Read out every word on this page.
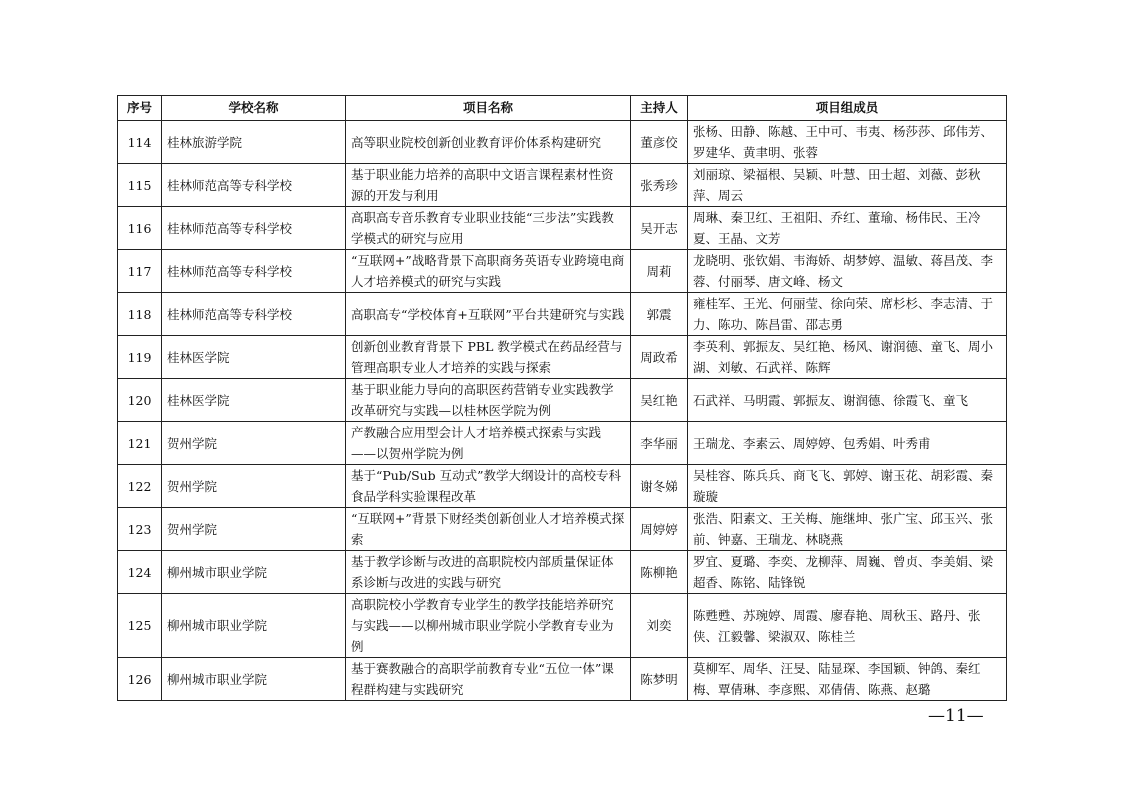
序号	学校名称	项目名称	主持人	项目组成员
114	桂林旅游学院	高等职业院校创新创业教育评价体系构建研究	董彦佼	张杨、田静、陈越、王中可、韦夷、杨莎莎、邱伟芳、罗建华、黄聿明、张蓉
115	桂林师范高等专科学校	基于职业能力培养的高职中文语言课程素材性资源的开发与利用	张秀珍	刘丽琼、梁福根、吴颖、叶慧、田士超、刘薇、彭秋萍、周云
116	桂林师范高等专科学校	高职高专音乐教育专业职业技能“三步法”实践教学模式的研究与应用	吴开志	周琳、秦卫红、王祖阳、乔红、董瑜、杨伟民、王冷夏、王晶、文芳
117	桂林师范高等专科学校	“互联网+”战略背景下高职商务英语专业跨境电商人才培养模式的研究与实践	周莉	龙晓明、张钦娟、韦海娇、胡梦婷、温敏、蒋昌茂、李蓉、付丽琴、唐文峰、杨文
118	桂林师范高等专科学校	高职高专“学校体育+互联网”平台共建研究与实践	郭震	雍桂军、王光、何丽莹、徐向荣、席杉杉、李志清、于力、陈功、陈昌雷、邵志勇
119	桂林医学院	创新创业教育背景下 PBL 教学模式在药品经营与管理高职专业人才培养的实践与探索	周政希	李英利、郭振友、吴红艳、杨风、谢润德、童飞、周小湖、刘敏、石武祥、陈辉
120	桂林医学院	基于职业能力导向的高职医药营销专业实践教学改革研究与实践—以桂林医学院为例	吴红艳	石武祥、马明霞、郭振友、谢润德、徐霞飞、童飞
121	贺州学院	产教融合应用型会计人才培养模式探索与实践——以贺州学院为例	李华丽	王瑞龙、李素云、周婷婷、包秀娟、叶秀甫
122	贺州学院	基于“Pub/Sub 互动式”教学大纲设计的高校专科食品学科实验课程改革	谢冬娣	吴桂容、陈兵兵、商飞飞、郭婷、谢玉花、胡彩霞、秦璇璇
123	贺州学院	“互联网+”背景下财经类创新创业人才培养模式探索	周婷婷	张浩、阳素文、王关梅、施继坤、张广宝、邱玉兴、张前、钟嘉、王瑞龙、林晓燕
124	柳州城市职业学院	基于教学诊断与改进的高职院校内部质量保证体系诊断与改进的实践与研究	陈柳艳	罗宜、夏璐、李奕、龙柳萍、周巍、曾贞、李美娟、梁超香、陈铭、陆锋锐
125	柳州城市职业学院	高职院校小学教育专业学生的教学技能培养研究与实践——以柳州城市职业学院小学教育专业为例	刘奕	陈甦甦、苏琬婷、周霞、廖春艳、周秋玉、路丹、张侠、江毅馨、梁淑双、陈桂兰
126	柳州城市职业学院	基于赛教融合的高职学前教育专业“五位一体”课程群构建与实践研究	陈梦明	莫柳军、周华、汪旻、陆显琛、李国颖、钟鸽、秦红梅、覃倩琳、李彦熙、邓倩倩、陈燕、赵璐
—11—
